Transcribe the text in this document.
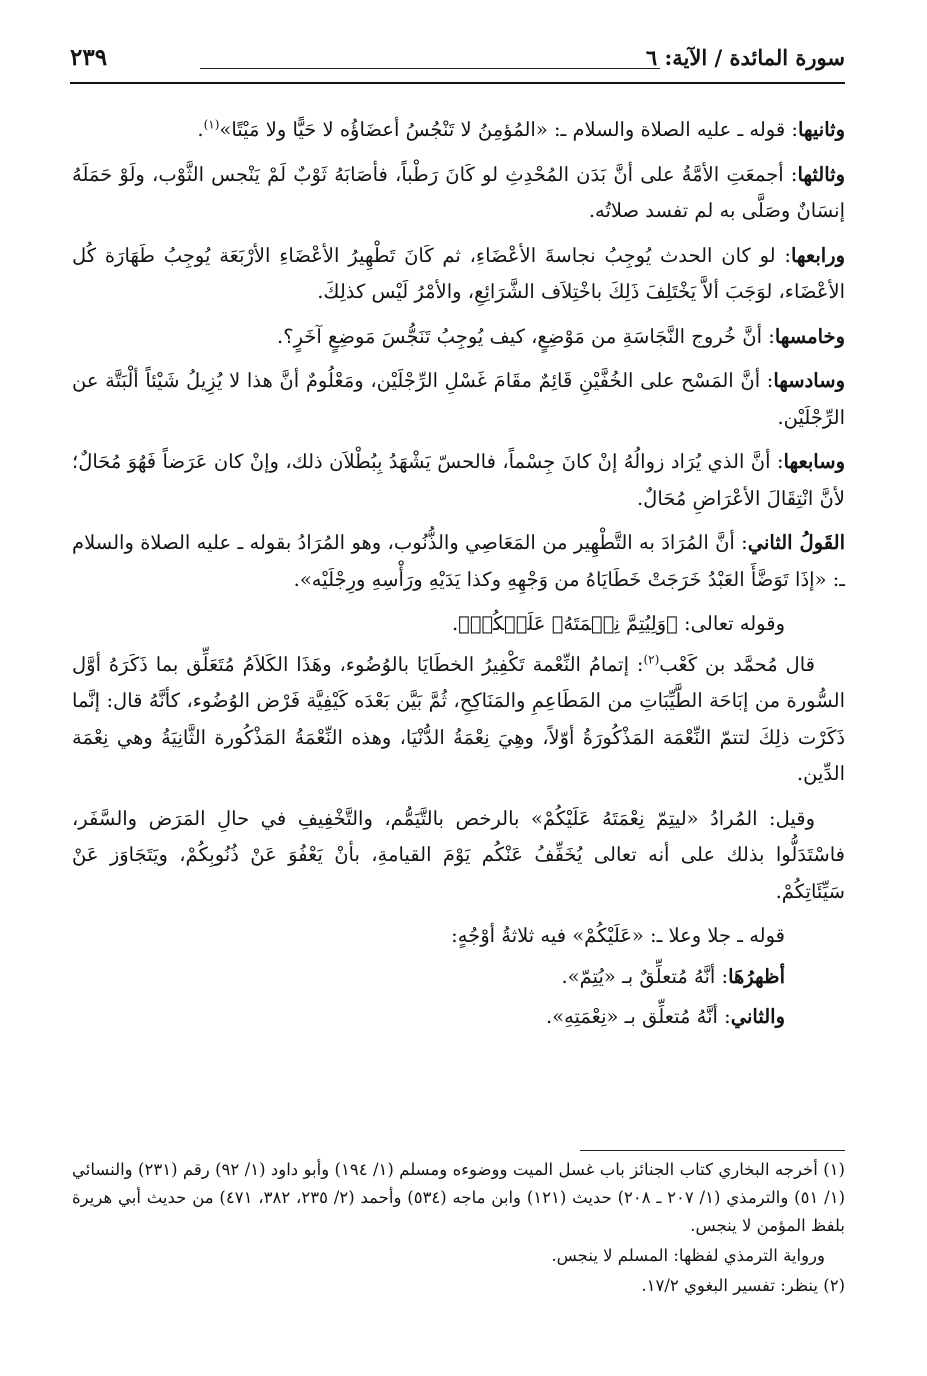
سورة المائدة / الآية: ٦
٢٣٩

وثانيها: قوله ـ عليه الصلاة والسلام ـ: «المُؤمِنُ لا تَنْجُسُ أعضَاؤُه لا حَيًّا ولا مَيْتًا»$^{(١)}$.

وثالثها: أجمعَتِ الأمَّةُ على أنَّ بَدَن المُحْدِثِ لو كَانَ رَطْباً، فأصَابَهُ ثَوْبٌ لَمْ يَنْجس الثَّوْب، ولَوْ حَمَلَهُ إنسَانٌ وصَلَّى به لم تفسد صلاتُه.

ورابعها: لو كان الحدث يُوجِبُ نجاسةَ الأعْضَاءِ، ثم كَانَ تَطْهِيرُ الأعْضَاءِ الأرْبَعَة يُوجِبُ طَهَارَة كُل الأعْضَاء، لوَجَبَ ألاَّ يَخْتَلِفَ ذَلِكَ باخْتِلاَف الشَّرَائِعِ، والأمْرُ لَيْس كذلِكَ.

وخامسها: أنَّ خُروج النَّجَاسَةِ من مَوْضِعٍ، كيف يُوجِبُ تَنَجُّسَ مَوضِعٍ آخَرٍ؟.

وسادسها: أنَّ المَسْح على الخُفَّيْنِ قَائِمٌ مقَامَ غَسْلِ الرِّجْلَيْن، ومَعْلُومٌ أنَّ هذا لا يُزِيلُ شَيْئاً ألْبَتَّة عن الرِّجْلَيْن.

وسابعها: أنَّ الذي يُرَاد زوالُهُ إنْ كانَ جِسْماً، فالحسّ يَشْهَدُ بِبُطْلاَن ذلك، وإنْ كان عَرَضاً فَهُوَ مُحَالٌ؛ لأنَّ انْتِقَالَ الأعْرَاضِ مُحَالٌ.

القَولُ الثاني: أنَّ المُرَادَ به التَّطْهِير من المَعَاصِي والذُّنُوب، وهو المُرَادُ بقوله ـ عليه الصلاة والسلام ـ: «إذَا تَوَضَّأَ العَبْدُ خَرَجَتْ خَطَايَاهُ من وَجْهِهِ وكذا يَدَيْهِ ورَأْسِهِ ورِجْلَيْه».

وقوله تعالى: ﴿وَلِيُتِمَّ نِعۡمَتَهُۥ عَلَيۡكُمۡ﴾.

قال مُحمَّد بن كَعْب$^{(٢)}$: إتمامُ النِّعْمة تَكْفِيرُ الخطَايَا بالوُضُوء، وهَذَا الكَلاَمُ مُتَعَلِّق بما ذَكَرَهُ أوَّل السُّورة من إبَاحَة الطَّيِّبَاتِ من المَطَاعِمِ والمَنَاكِحِ، ثُمَّ بَيَّن بَعْدَه كَيْفِيَّة فَرْض الوُضُوء، كأنَّهُ قال: إنَّما ذَكَرْت ذلِكَ لتتمّ النِّعْمَة المَذْكُورَةُ أوّلاً، وهِيَ نِعْمَةُ الدُّنْيَا، وهذه النِّعْمَةُ المَذْكُورة الثَّانِيَةُ وهي نِعْمَة الدِّين.

وقيل: المُرادُ «ليتِمّ نِعْمَتَهُ عَلَيْكُمْ» بالرخص بالتَّيَمُّم، والتَّخْفِيفِ في حالِ المَرَض والسَّفَر، فاسْتَدَلُّوا بذلك على أنه تعالى يُخَفِّفُ عَنْكُم يَوْمَ القيامةِ، بأنْ يَعْفُوَ عَنْ ذُنُوبِكُمْ، ويَتَجَاوَز عَنْ سَيِّئَاتِكُمْ.

قوله ـ جلا وعلا ـ: «عَلَيْكُمْ» فيه ثلاثةُ أوْجُهٍ:

أظهرُهَا: أنَّهُ مُتعلِّقٌ بـ «يُتِمّ».

والثاني: أنَّهُ مُتعلِّق بـ «نِعْمَتِهِ».

(١) أخرجه البخاري كتاب الجنائز باب غسل الميت ووضوءه ومسلم (١/ ١٩٤) وأبو داود (١/ ٩٢) رقم (٢٣١) والنسائي (١/ ٥١) والترمذي (١/ ٢٠٧ ـ ٢٠٨) حديث (١٢١) وابن ماجه (٥٣٤) وأحمد (٢/ ٢٣٥، ٣٨٢، ٤٧١) من حديث أبي هريرة بلفظ المؤمن لا ينجس.

ورواية الترمذي لفظها: المسلم لا ينجس.

(٢) ينظر: تفسير البغوي ١٧/٢.
